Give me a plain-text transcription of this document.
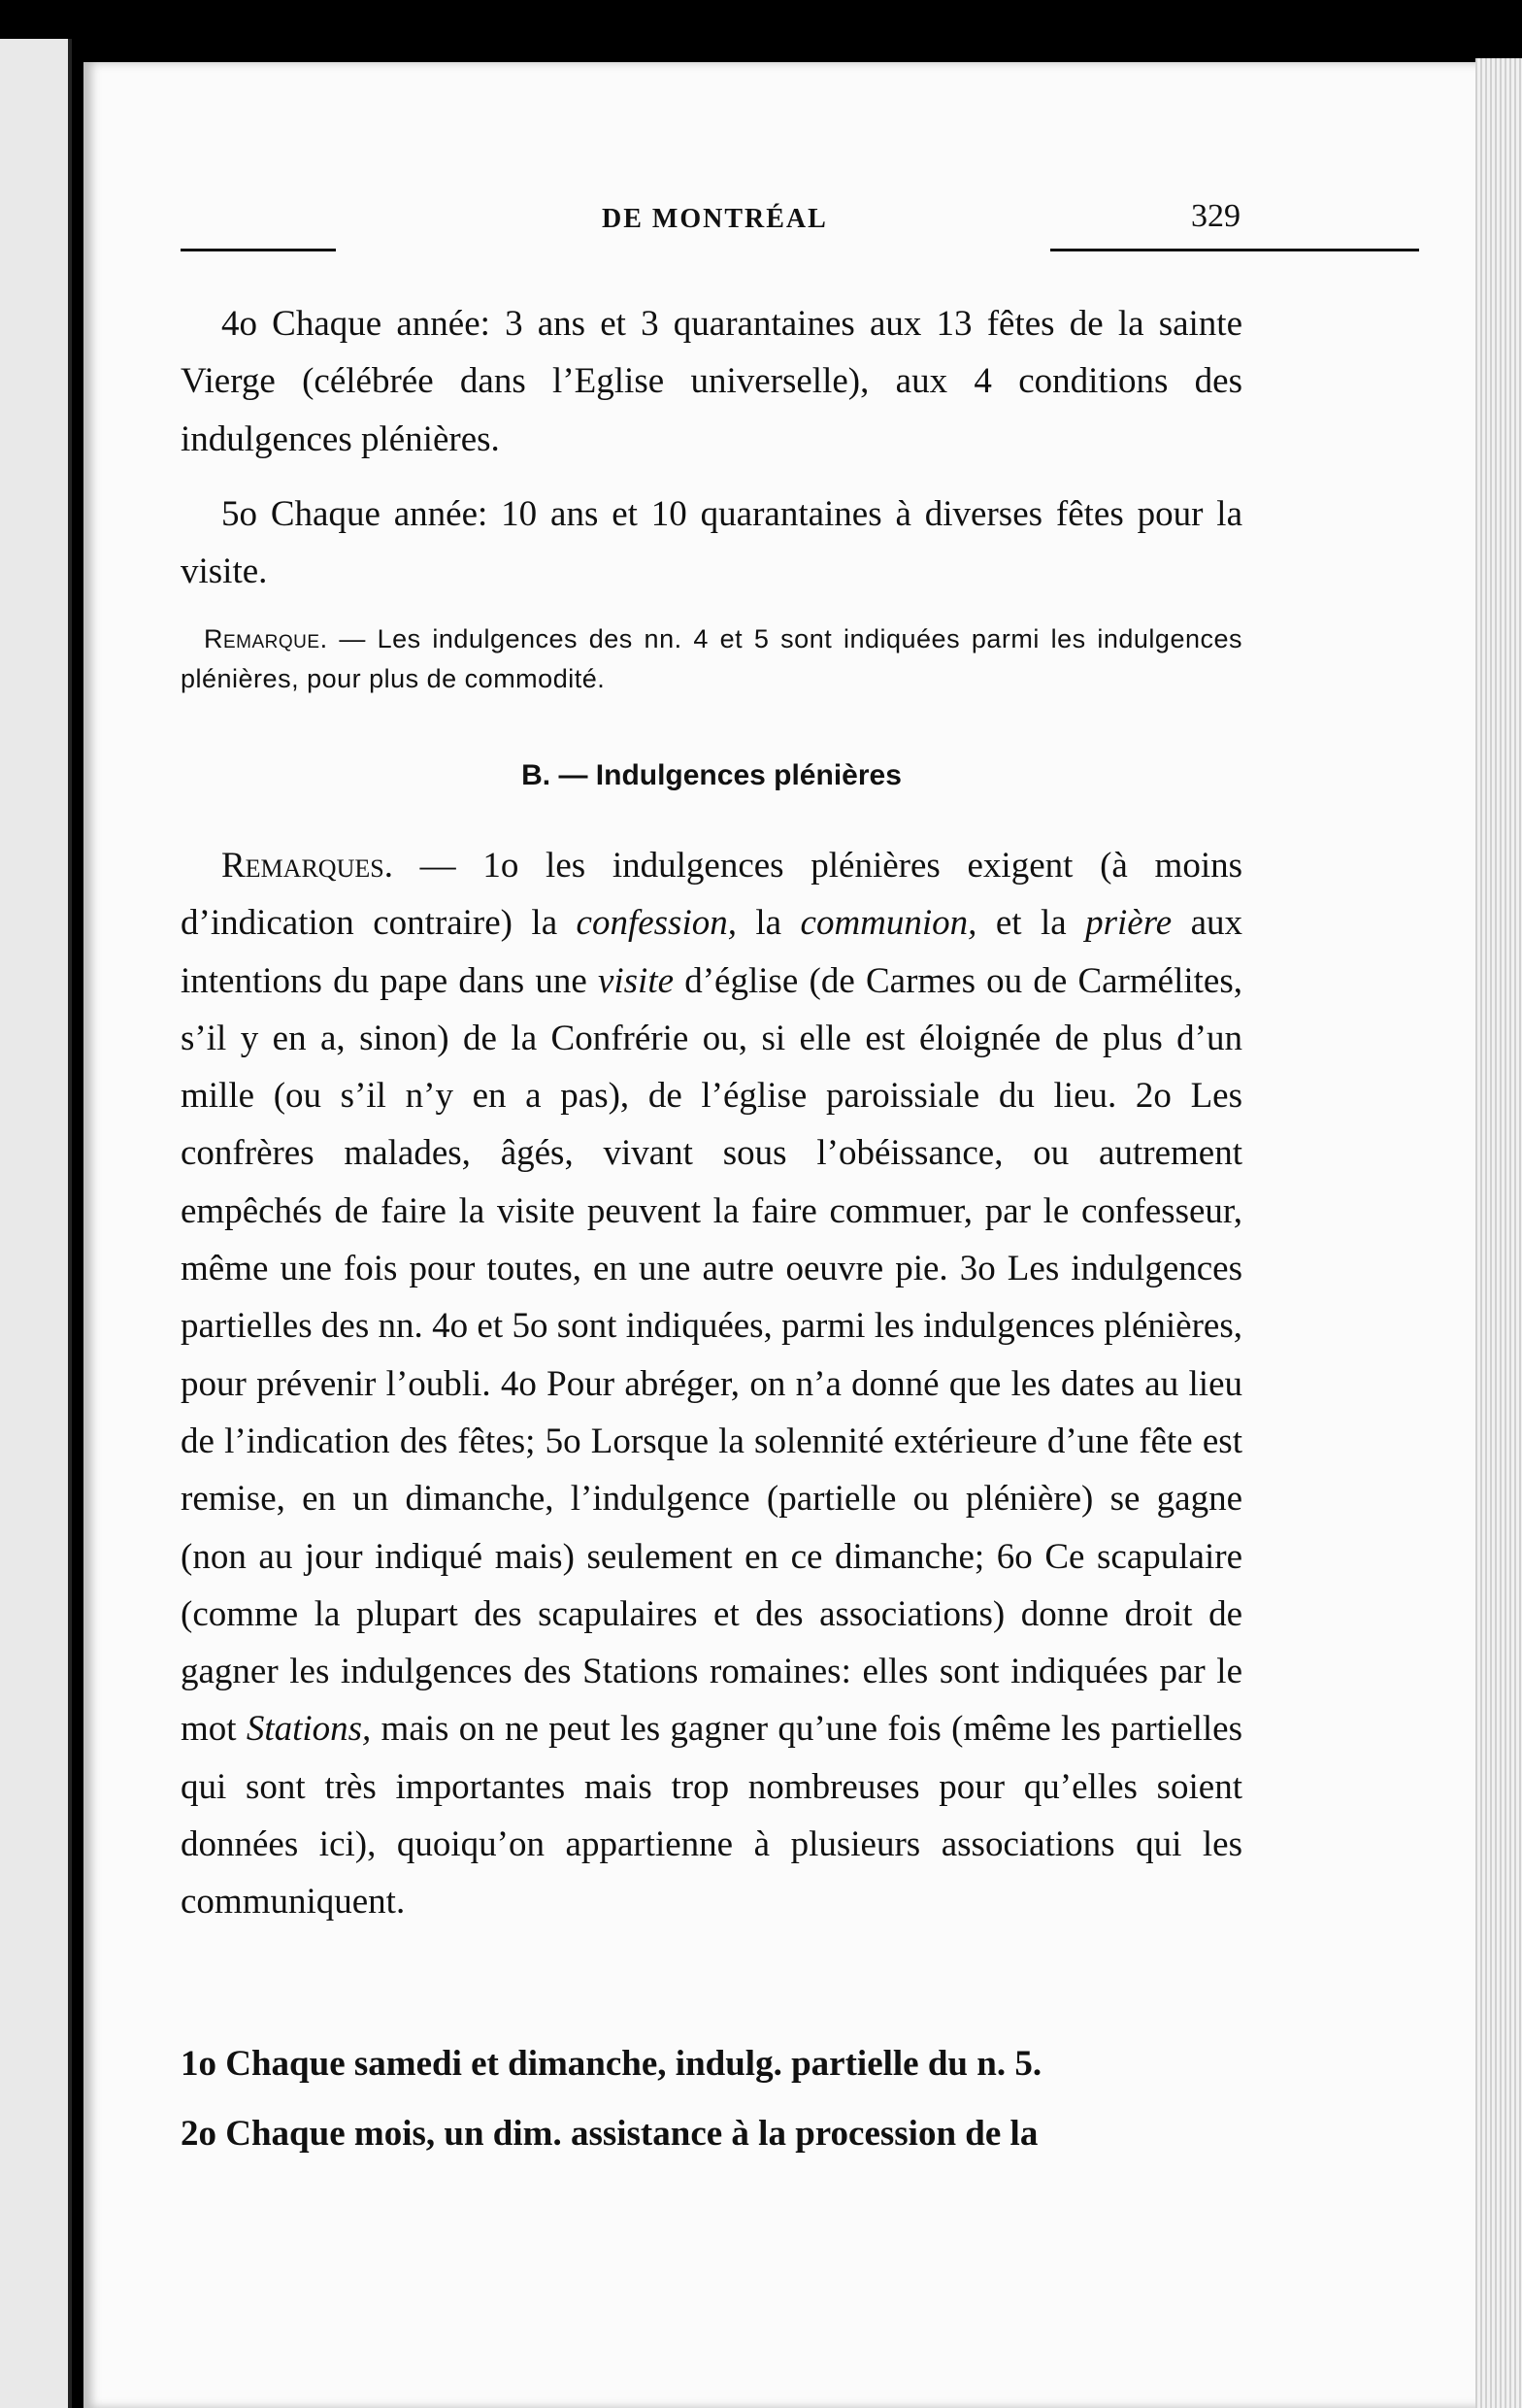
DE MONTRÉAL	329

4o Chaque année: 3 ans et 3 quarantaines aux 13 fêtes de la sainte Vierge (célébrée dans l’Eglise universelle), aux 4 conditions des indulgences plénières.

5o Chaque année: 10 ans et 10 quarantaines à diverses fêtes pour la visite.

Remarque. — Les indulgences des nn. 4 et 5 sont indiquées parmi les indulgences plénières, pour plus de commodité.

B. — Indulgences plénières

Remarques. — 1o les indulgences plénières exigent (à moins d’indication contraire) la confession, la communion, et la prière aux intentions du pape dans une visite d’église (de Carmes ou de Carmélites, s’il y en a, sinon) de la Confrérie ou, si elle est éloignée de plus d’un mille (ou s’il n’y en a pas), de l’église paroissiale du lieu. 2o Les confrères malades, âgés, vivant sous l’obéissance, ou autrement empêchés de faire la visite peuvent la faire commuer, par le confesseur, même une fois pour toutes, en une autre oeuvre pie. 3o Les indulgences partielles des nn. 4o et 5o sont indiquées, parmi les indulgences plénières, pour prévenir l’oubli. 4o Pour abréger, on n’a donné que les dates au lieu de l’indication des fêtes; 5o Lorsque la solennité extérieure d’une fête est remise, en un dimanche, l’indulgence (partielle ou plénière) se gagne (non au jour indiqué mais) seulement en ce dimanche; 6o Ce scapulaire (comme la plupart des scapulaires et des associations) donne droit de gagner les indulgences des Stations romaines: elles sont indiquées par le mot Stations, mais on ne peut les gagner qu’une fois (même les partielles qui sont très importantes mais trop nombreuses pour qu’elles soient données ici), quoiqu’on appartienne à plusieurs associations qui les communiquent.

1o Chaque samedi et dimanche, indulg. partielle du n. 5.

2o Chaque mois, un dim. assistance à la procession de la
